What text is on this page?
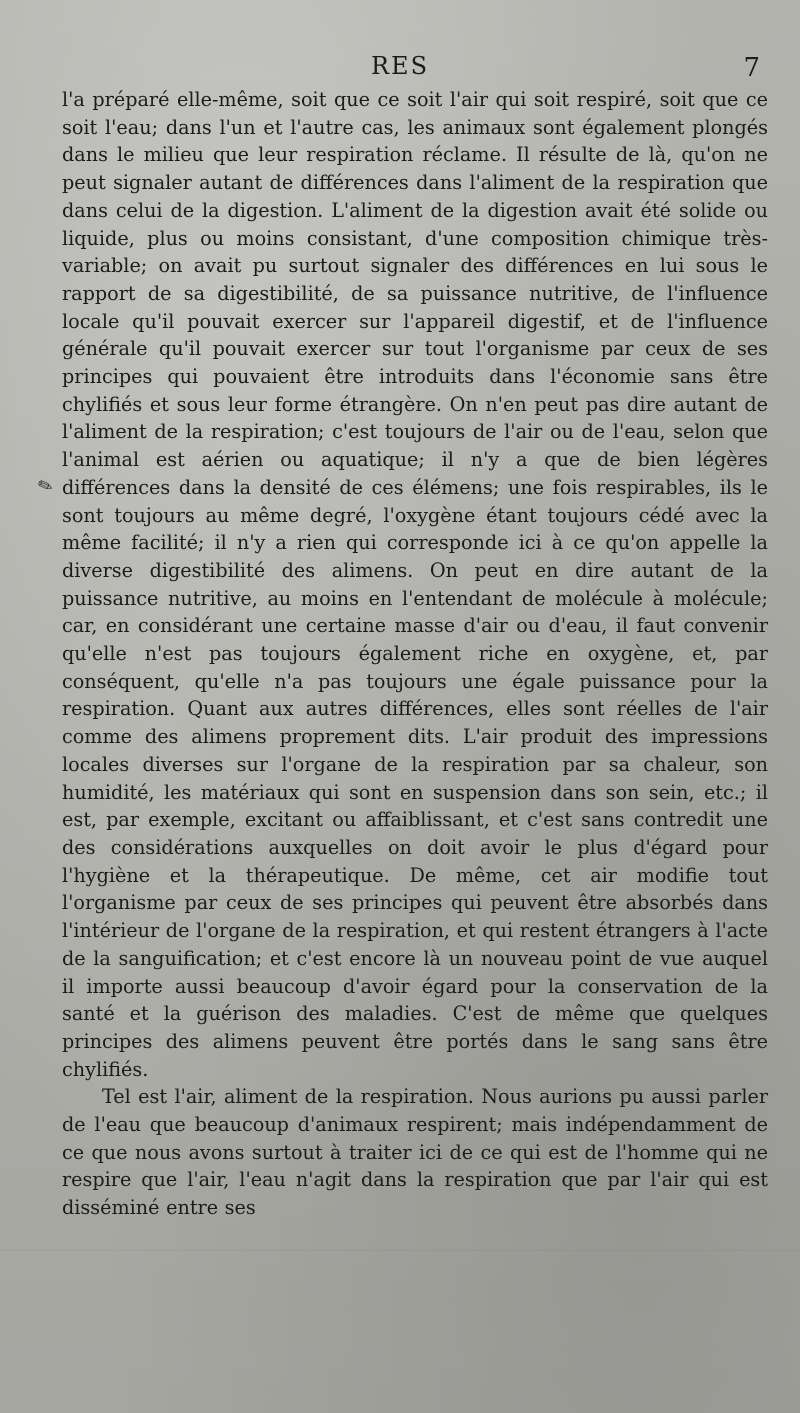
RES	7
✎

l'a préparé elle-même, soit que ce soit l'air qui soit respiré, soit que ce soit l'eau; dans l'un et l'autre cas, les animaux sont également plongés dans le milieu que leur respiration réclame. Il résulte de là, qu'on ne peut signaler autant de différences dans l'aliment de la respiration que dans celui de la digestion. L'aliment de la digestion avait été solide ou liquide, plus ou moins consistant, d'une composition chimique très-variable; on avait pu surtout signaler des différences en lui sous le rapport de sa digestibilité, de sa puissance nutritive, de l'influence locale qu'il pouvait exercer sur l'appareil digestif, et de l'influence générale qu'il pouvait exercer sur tout l'organisme par ceux de ses principes qui pouvaient être introduits dans l'économie sans être chylifiés et sous leur forme étrangère. On n'en peut pas dire autant de l'aliment de la respiration; c'est toujours de l'air ou de l'eau, selon que l'animal est aérien ou aquatique; il n'y a que de bien légères différences dans la densité de ces élémens; une fois respirables, ils le sont toujours au même degré, l'oxygène étant toujours cédé avec la même facilité; il n'y a rien qui corresponde ici à ce qu'on appelle la diverse digestibilité des alimens. On peut en dire autant de la puissance nutritive, au moins en l'entendant de molécule à molécule; car, en considérant une certaine masse d'air ou d'eau, il faut convenir qu'elle n'est pas toujours également riche en oxygène, et, par conséquent, qu'elle n'a pas toujours une égale puissance pour la respiration. Quant aux autres différences, elles sont réelles de l'air comme des alimens proprement dits. L'air produit des impressions locales diverses sur l'organe de la respiration par sa chaleur, son humidité, les matériaux qui sont en suspension dans son sein, etc.; il est, par exemple, excitant ou affaiblissant, et c'est sans contredit une des considérations auxquelles on doit avoir le plus d'égard pour l'hygiène et la thérapeutique. De même, cet air modifie tout l'organisme par ceux de ses principes qui peuvent être absorbés dans l'intérieur de l'organe de la respiration, et qui restent étrangers à l'acte de la sanguification; et c'est encore là un nouveau point de vue auquel il importe aussi beaucoup d'avoir égard pour la conservation de la santé et la guérison des maladies. C'est de même que quelques principes des alimens peuvent être portés dans le sang sans être chylifiés.

Tel est l'air, aliment de la respiration. Nous aurions pu aussi parler de l'eau que beaucoup d'animaux respirent; mais indépendamment de ce que nous avons surtout à traiter ici de ce qui est de l'homme qui ne respire que l'air, l'eau n'agit dans la respiration que par l'air qui est disséminé entre ses
